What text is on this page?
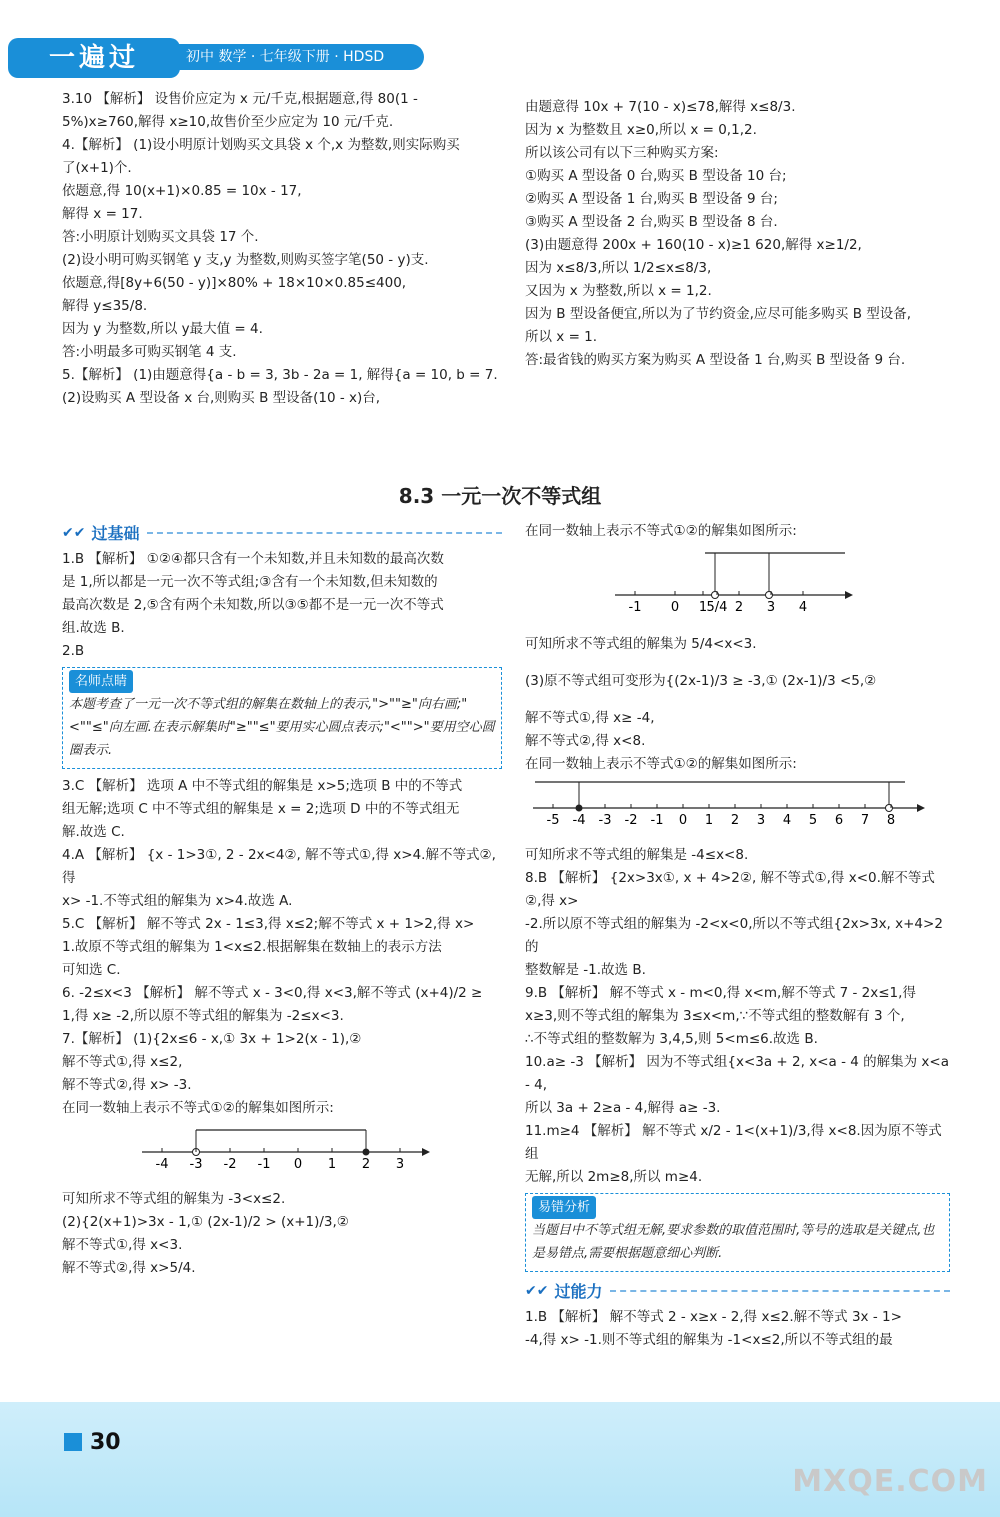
一遍过	初中 数学 · 七年级下册 · HDSD

3.10 【解析】 设售价应定为 x 元/千克,根据题意,得 80(1 -

5%)x≥760,解得 x≥10,故售价至少应定为 10 元/千克.

4.【解析】 (1)设小明原计划购买文具袋 x 个,x 为整数,则实际购买

了(x+1)个.

依题意,得 10(x+1)×0.85 = 10x - 17,

解得 x = 17.

答:小明原计划购买文具袋 17 个.

(2)设小明可购买钢笔 y 支,y 为整数,则购买签字笔(50 - y)支.

依题意,得[8y+6(50 - y)]×80% + 18×10×0.85≤400,

解得 y≤35/8.

因为 y 为整数,所以 y最大值 = 4.

答:小明最多可购买钢笔 4 支.

5.【解析】 (1)由题意得{a - b = 3, 3b - 2a = 1, 解得{a = 10, b = 7.

(2)设购买 A 型设备 x 台,则购买 B 型设备(10 - x)台,

由题意得 10x + 7(10 - x)≤78,解得 x≤8/3.

因为 x 为整数且 x≥0,所以 x = 0,1,2.

所以该公司有以下三种购买方案:

①购买 A 型设备 0 台,购买 B 型设备 10 台;

②购买 A 型设备 1 台,购买 B 型设备 9 台;

③购买 A 型设备 2 台,购买 B 型设备 8 台.

(3)由题意得 200x + 160(10 - x)≥1 620,解得 x≥1/2,

因为 x≤8/3,所以 1/2≤x≤8/3,

又因为 x 为整数,所以 x = 1,2.

因为 B 型设备便宜,所以为了节约资金,应尽可能多购买 B 型设备,

所以 x = 1.

答:最省钱的购买方案为购买 A 型设备 1 台,购买 B 型设备 9 台.

8.3 一元一次不等式组
✔✔ 过基础

1.B 【解析】 ①②④都只含有一个未知数,并且未知数的最高次数

是 1,所以都是一元一次不等式组;③含有一个未知数,但未知数的

最高次数是 2,⑤含有两个未知数,所以③⑤都不是一元一次不等式

组.故选 B.

2.B

名师点睛
本题考查了一元一次不等式组的解集在数轴上的表示,">""≥"向右画;"<""≤"向左画.在表示解集时"≥""≤"要用实心圆点表示;"<"">"要用空心圆圈表示.

3.C 【解析】 选项 A 中不等式组的解集是 x>5;选项 B 中的不等式

组无解;选项 C 中不等式组的解集是 x = 2;选项 D 中的不等式组无

解.故选 C.

4.A 【解析】 {x - 1>3①, 2 - 2x<4②, 解不等式①,得 x>4.解不等式②,得

x> -1.不等式组的解集为 x>4.故选 A.

5.C 【解析】 解不等式 2x - 1≤3,得 x≤2;解不等式 x + 1>2,得 x>

1.故原不等式组的解集为 1<x≤2.根据解集在数轴上的表示方法

可知选 C.

6. -2≤x<3 【解析】 解不等式 x - 3<0,得 x<3,解不等式 (x+4)/2 ≥

1,得 x≥ -2,所以原不等式组的解集为 -2≤x<3.

7.【解析】 (1){2x≤6 - x,① 3x + 1>2(x - 1),②

解不等式①,得 x≤2,

解不等式②,得 x> -3.

在同一数轴上表示不等式①②的解集如图所示:

-4 -3 -2 -1 0 1 2 3

可知所求不等式组的解集为 -3<x≤2.

(2){2(x+1)>3x - 1,① (2x-1)/2 > (x+1)/3,②

解不等式①,得 x<3.

解不等式②,得 x>5/4.

在同一数轴上表示不等式①②的解集如图所示:

-1 0 1 5/4 2 3 4

可知所求不等式组的解集为 5/4<x<3.

(3)原不等式组可变形为{(2x-1)/3 ≥ -3,① (2x-1)/3 <5,②

解不等式①,得 x≥ -4,

解不等式②,得 x<8.

在同一数轴上表示不等式①②的解集如图所示:

-5 -4 -3 -2 -1 0 1 2 3 4 5 6 7 8

可知所求不等式组的解集是 -4≤x<8.

8.B 【解析】 {2x>3x①, x + 4>2②, 解不等式①,得 x<0.解不等式②,得 x>

-2.所以原不等式组的解集为 -2<x<0,所以不等式组{2x>3x, x+4>2 的

整数解是 -1.故选 B.

9.B 【解析】 解不等式 x - m<0,得 x<m,解不等式 7 - 2x≤1,得

x≥3,则不等式组的解集为 3≤x<m,∵不等式组的整数解有 3 个,

∴不等式组的整数解为 3,4,5,则 5<m≤6.故选 B.

10.a≥ -3 【解析】 因为不等式组{x<3a + 2, x<a - 4 的解集为 x<a - 4,

所以 3a + 2≥a - 4,解得 a≥ -3.

11.m≥4 【解析】 解不等式 x/2 - 1<(x+1)/3,得 x<8.因为原不等式组

无解,所以 2m≥8,所以 m≥4.

易错分析
当题目中不等式组无解,要求参数的取值范围时,等号的选取是关键点,也是易错点,需要根据题意细心判断.
✔✔ 过能力

1.B 【解析】 解不等式 2 - x≥x - 2,得 x≤2.解不等式 3x - 1>

-4,得 x> -1.则不等式组的解集为 -1<x≤2,所以不等式组的最

30
MXQE.COM
